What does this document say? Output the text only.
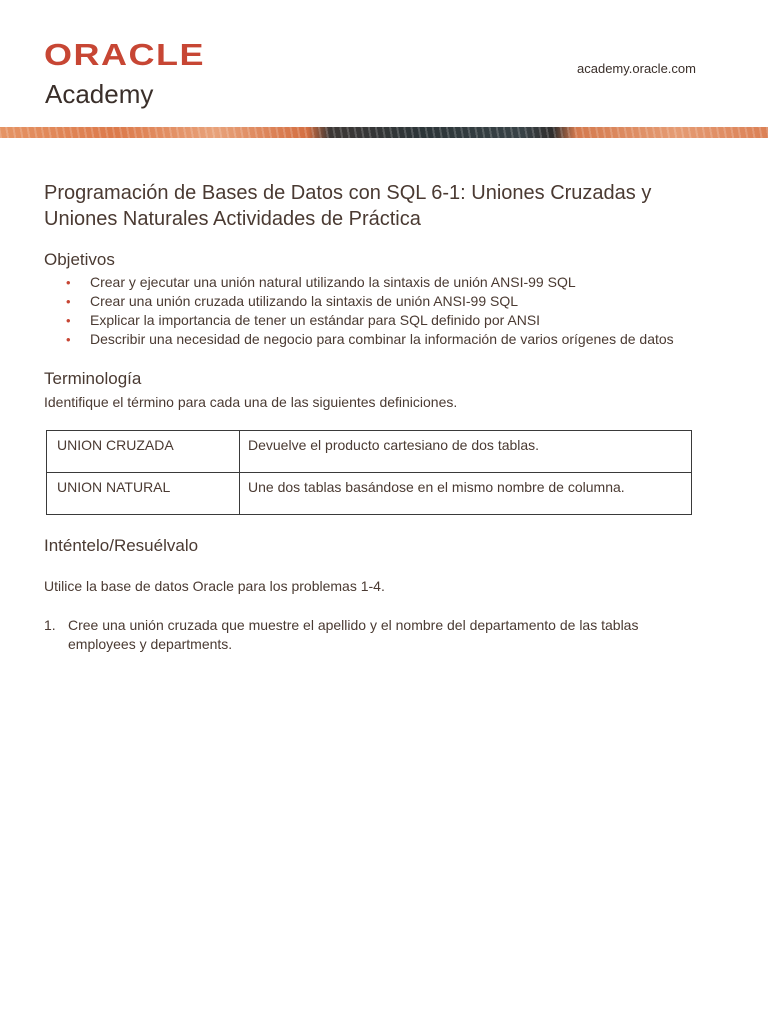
ORACLE
Academy
academy.oracle.com
Programación de Bases de Datos con SQL 6-1: Uniones Cruzadas y Uniones Naturales Actividades de Práctica
Objetivos
• Crear y ejecutar una unión natural utilizando la sintaxis de unión ANSI-99 SQL
• Crear una unión cruzada utilizando la sintaxis de unión ANSI-99 SQL
• Explicar la importancia de tener un estándar para SQL definido por ANSI
• Describir una necesidad de negocio para combinar la información de varios orígenes de datos
Terminología

Identifique el término para cada una de las siguientes definiciones.

UNION CRUZADA	Devuelve el producto cartesiano de dos tablas.
UNION NATURAL	Une dos tablas basándose en el mismo nombre de columna.
Inténtelo/Resuélvalo

Utilice la base de datos Oracle para los problemas 1-4.

1. Cree una unión cruzada que muestre el apellido y el nombre del departamento de las tablas employees y departments.
